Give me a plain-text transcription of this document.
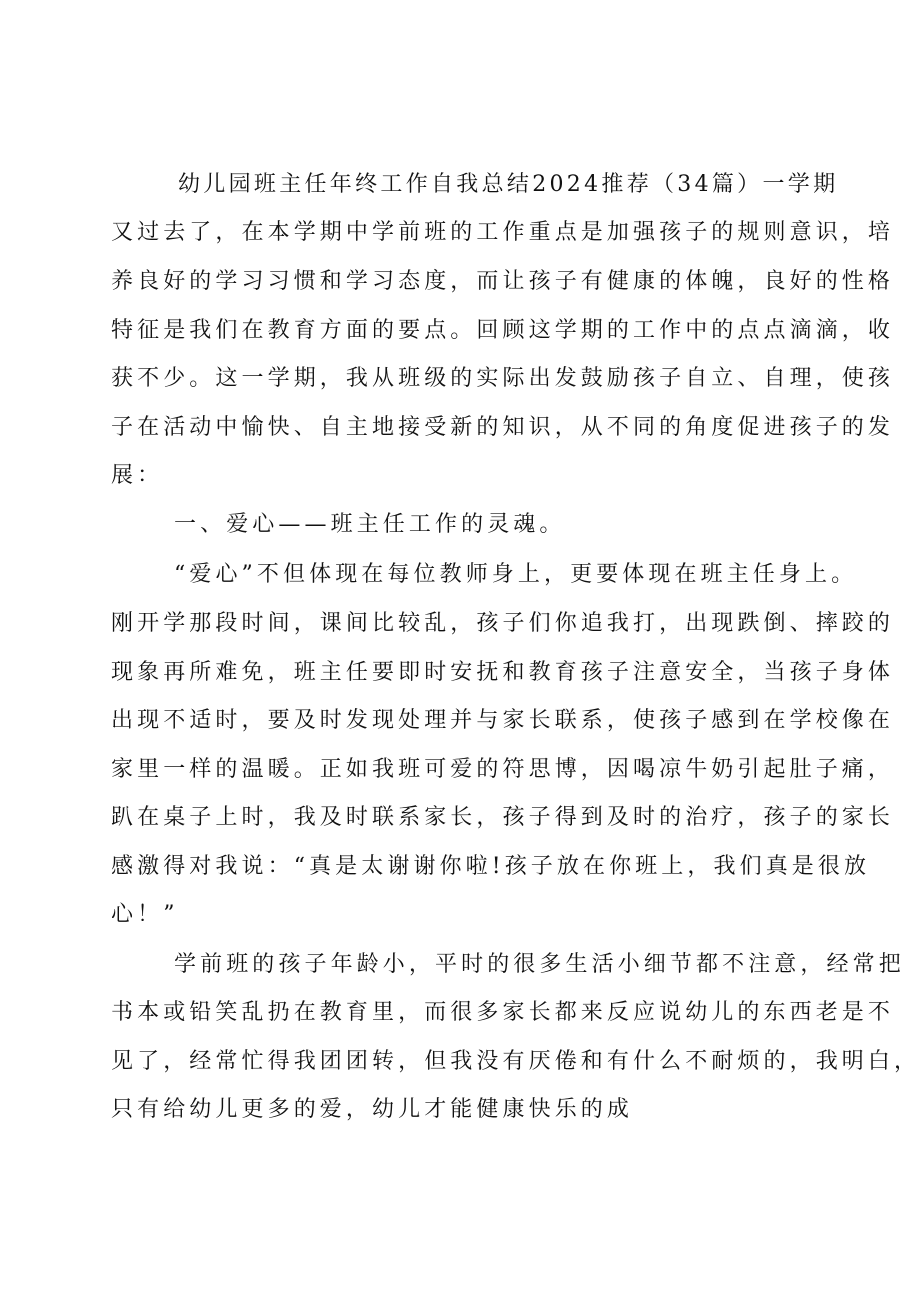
幼儿园班主任年终工作自我总结2024推荐（34篇）一学期
又过去了，在本学期中学前班的工作重点是加强孩子的规则意识，培
养良好的学习习惯和学习态度，而让孩子有健康的体魄，良好的性格
特征是我们在教育方面的要点。回顾这学期的工作中的点点滴滴，收
获不少。这一学期，我从班级的实际出发鼓励孩子自立、自理，使孩
子在活动中愉快、自主地接受新的知识，从不同的角度促进孩子的发
展：
一、爱心——班主任工作的灵魂。
“爱心”不但体现在每位教师身上，更要体现在班主任身上。
刚开学那段时间，课间比较乱，孩子们你追我打，出现跌倒、摔跤的
现象再所难免，班主任要即时安抚和教育孩子注意安全，当孩子身体
出现不适时，要及时发现处理并与家长联系，使孩子感到在学校像在
家里一样的温暖。正如我班可爱的符思博，因喝凉牛奶引起肚子痛，
趴在桌子上时，我及时联系家长，孩子得到及时的治疗，孩子的家长
感激得对我说：“真是太谢谢你啦!孩子放在你班上，我们真是很放
心！”
学前班的孩子年龄小，平时的很多生活小细节都不注意，经常把
书本或铅笑乱扔在教育里，而很多家长都来反应说幼儿的东西老是不
见了，经常忙得我团团转，但我没有厌倦和有什么不耐烦的，我明白，
只有给幼儿更多的爱，幼儿才能健康快乐的成
